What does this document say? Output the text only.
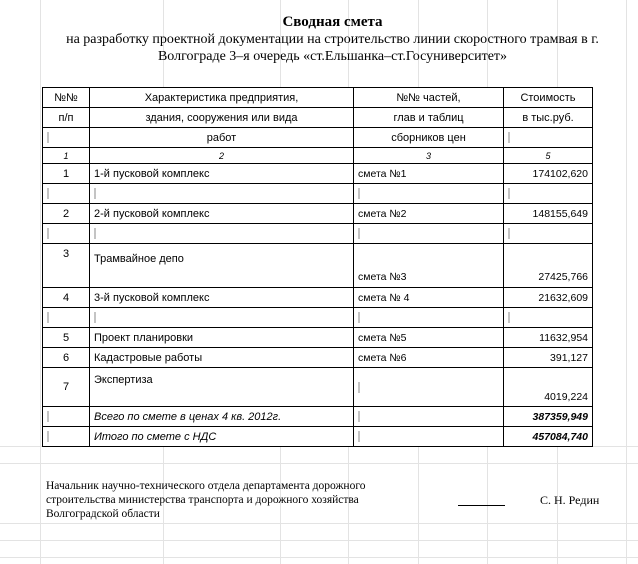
Сводная смета
на разработку проектной документации на строительство линии скоростного трамвая в г.
Волгограде 3–я очередь «ст.Ельшанка–ст.Госуниверситет»
№№	Характеристика предприятия,	№№ частей,	Стоимость
п/п	здания, сооружения или вида	глав и таблиц	в тыс.руб.
	работ	сборников цен	
1	2	3	5
1	1-й пусковой комплекс	смета №1	174102,620

2	2-й пусковой комплекс	смета №2	148155,649

3	Трамвайное депо	смета №3	27425,766
4	3-й пусковой комплекс	смета № 4	21632,609

5	Проект планировки	смета №5	11632,954
6	Кадастровые работы	смета №6	391,127
7	Экспертиза		4019,224
	Всего по смете в ценах 4 кв. 2012г.		387359,949
	Итого по смете с НДС		457084,740
Начальник научно-технического отдела департамента дорожного
строительства министерства транспорта и дорожного хозяйства
Волгоградской области
С. Н. Редин
